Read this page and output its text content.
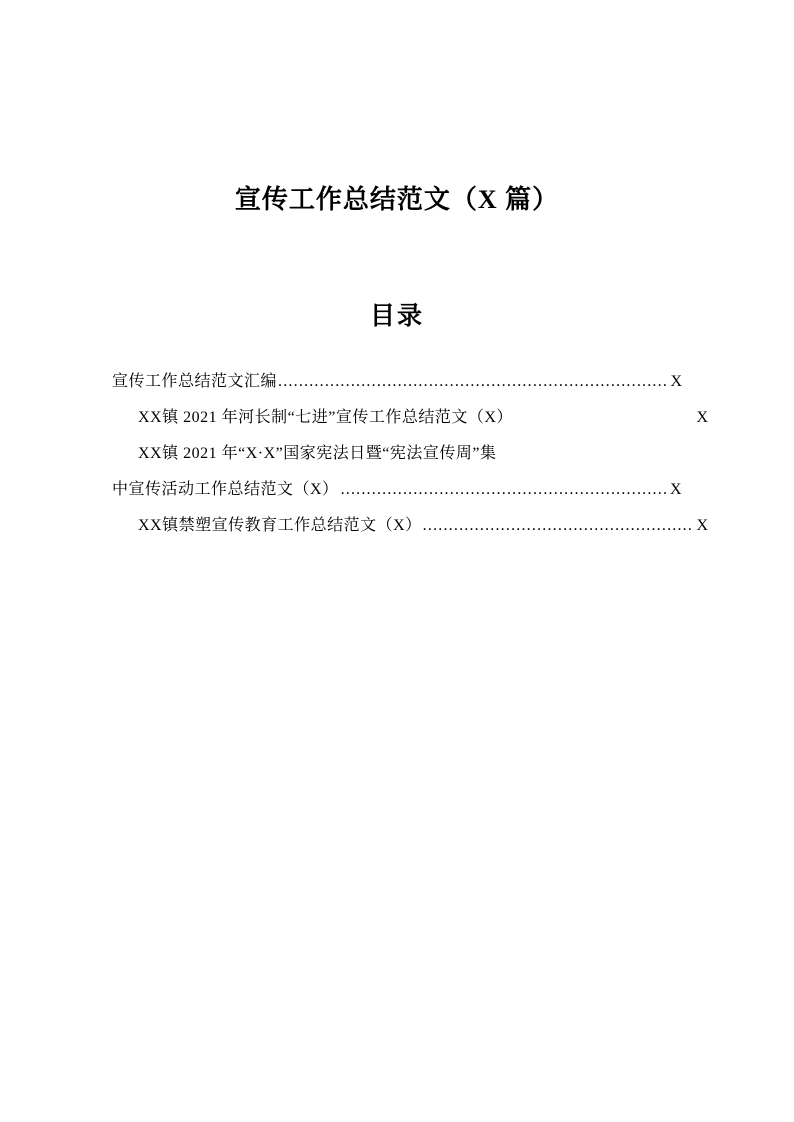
宣传工作总结范文（X 篇）
目录
宣传工作总结范文汇编 .....	X
XX镇 2021 年河长制“七进”宣传工作总结范文（X）	X
XX镇 2021 年“X·X”国家宪法日暨“宪法宣传周”集
中宣传活动工作总结范文（X） .....	X
XX镇禁塑宣传教育工作总结范文（X） .....	X
